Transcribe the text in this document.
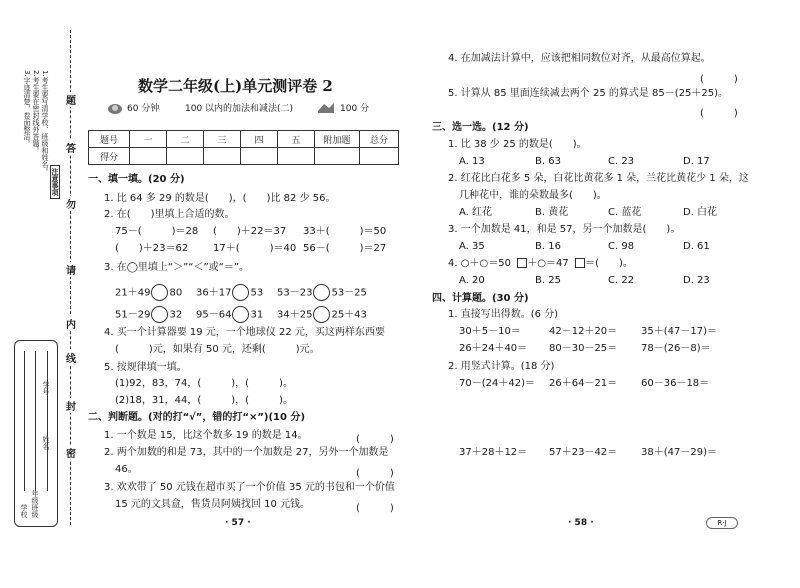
3.字迹清楚，卷面整洁。 2.考生要在密封线外答题。 1.考生要写清学校、班级和姓名。
注意事项
题
答
勿
请
内
线
封
密
学校 年级班级
学号
姓名
数学二年级(上)单元测评卷 2
60 分钟	100 以内的加法和减法(二)	100 分
题号	一	二	三	四	五	附加题	总分
得分							
一、填一填。(20 分)
1. 比 64 多 29 的数是(　　)，(　　)比 82 少 56。
2. 在(　　)里填上合适的数。
75－(　　　)＝28 (　　)＋22＝37 33＋(　　　)＝50
(　　)＋23＝62 17＋(　　　)＝40 56－(　　　)＝27
3. 在◯里填上“＞”“＜”或“＝”。
21＋49 80 36＋17 53 53－23 53－25
51－29 32 95－64 31 34＋25 25＋43
4. 买一个计算器要 19 元，一个地球仪 22 元，买这两样东西要
(　　　)元，如果有 50 元，还剩(　　　)元。
5. 按规律填一填。
(1)92，83，74，(　　　)，(　　　)。
(2)18，31，44，(　　　)，(　　　)。
二、判断题。(对的打“√”，错的打“×”)(10 分)
1. 一个数是 15，比这个数多 19 的数是 14。	(　　　)
2. 两个加数的和是 73，其中的一个加数是 27，另外一个加数是
46。	(　　　)
3. 欢欢带了 50 元钱在超市买了一个价值 35 元的书包和一个价值
15 元的文具盒，售货员阿姨找回 10 元钱。	(　　　)
· 57 ·
4. 在加减法计算中，应该把相同数位对齐，从最高位算起。
(　　　)
5. 计算从 85 里面连续减去两个 25 的算式是 85－(25＋25)。
(　　　)
三、选一选。(12 分)
1. 比 38 少 25 的数是(　　)。
A. 13	B. 63	C. 23	D. 17
2. 红花比白花多 5 朵，白花比黄花多 1 朵，兰花比黄花少 1 朵，这
几种花中，谁的朵数最多(　　)。
A. 红花	B. 黄花	C. 蓝花	D. 白花
3. 一个加数是 41，和是 57，另一个加数是(　　)。
A. 35	B. 16	C. 98	D. 61
4. ○＋○＝50 ＋○＝47 ＝(　　)。
A. 20	B. 25	C. 22	D. 23
四、计算题。(30 分)
1. 直接写出得数。(6 分)
30＋5－10＝	42－12＋20＝ 35＋(47－17)＝
26＋24＋40＝ 80－30－25＝ 78－(26－8)＝
2. 用竖式计算。(18 分)
70－(24＋42)＝ 26＋64－21＝ 60－36－18＝
37＋28＋12＝ 57＋23－42＝ 38＋(47－29)＝
· 58 ·	R·J
